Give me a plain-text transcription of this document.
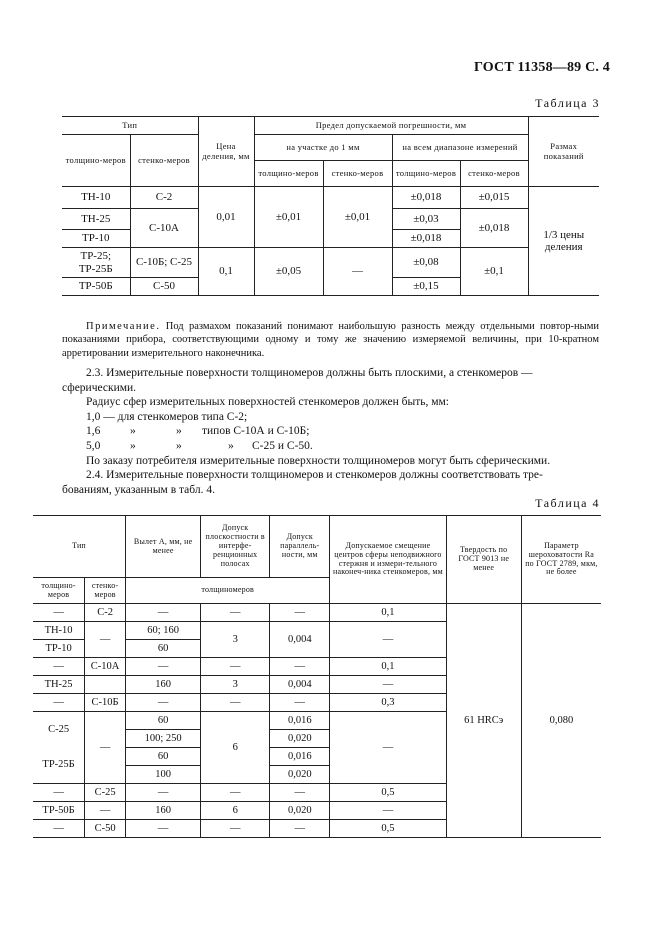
ГОСТ 11358—89 С. 4
Таблица 3
Тип		Цена деления, мм	Предел допускаемой погрешности, мм				Размах показаний
толщино-меров	стенко-меров		на участке до 1 мм		на всем диапазоне измерений		
			толщино-меров	стенко-меров	толщино-меров	стенко-меров	
ТН-10	С-2	0,01	±0,01	±0,01	±0,018	±0,015	1/3 цены деления
ТН-25	С-10А				±0,03	±0,018	
ТР-10					±0,018		
ТР-25; ТР-25Б	С-10Б; С-25	0,1	±0,05	—	±0,08	±0,1	
ТР-50Б	С-50				±0,15		
Примечание. Под размахом показаний понимают наибольшую разность между отдельными повтор-ными показаниями прибора, соответствующими одному и тому же значению измеряемой величины, при 10-кратном арретировании измерительного наконечника.
2.3. Измерительные поверхности толщиномеров должны быть плоскими, а стенкомеров —
сферическими.
Радиус сфер измерительных поверхностей стенкомеров должен быть, мм:
1,0 — для стенкомеров типа С-2;
1,6	»	» типов С-10А и С-10Б;
5,0	»	»	» С-25 и С-50.
По заказу потребителя измерительные поверхности толщиномеров могут быть сферическими.
2.4. Измерительные поверхности толщиномеров и стенкомеров должны соответствовать тре-
бованиям, указанным в табл. 4.
Таблица 4
Тип		Вылет A, мм, не менее	Допуск плоскостности в интерфе-ренционных полосах	Допуск параллель-ности, мм	Допускаемое смещение центров сферы неподвижного стержня и измери-тельного наконеч-ника стенкомеров, мм	Твердость по ГОСТ 9013 не менее	Параметр шероховатости Ra по ГОСТ 2789, мкм, не более
толщино-меров	стенко-меров	толщиномеров					
—	С-2	—	—	—	0,1	61 HRCэ	0,080
ТН-10	—	60; 160	3	0,004	—		
ТР-10		60					
—	С-10А	—	—	—	0,1		
ТН-25		160	3	0,004	—		
—	С-10Б	—	—	—	0,3		
С-25	—	60	6	0,016	—		
		100; 250		0,020			
ТР-25Б		60		0,016			
		100		0,020			
—	С-25	—	—	—	0,5		
ТР-50Б	—	160	6	0,020	—		
—	С-50	—	—	—	0,5		
